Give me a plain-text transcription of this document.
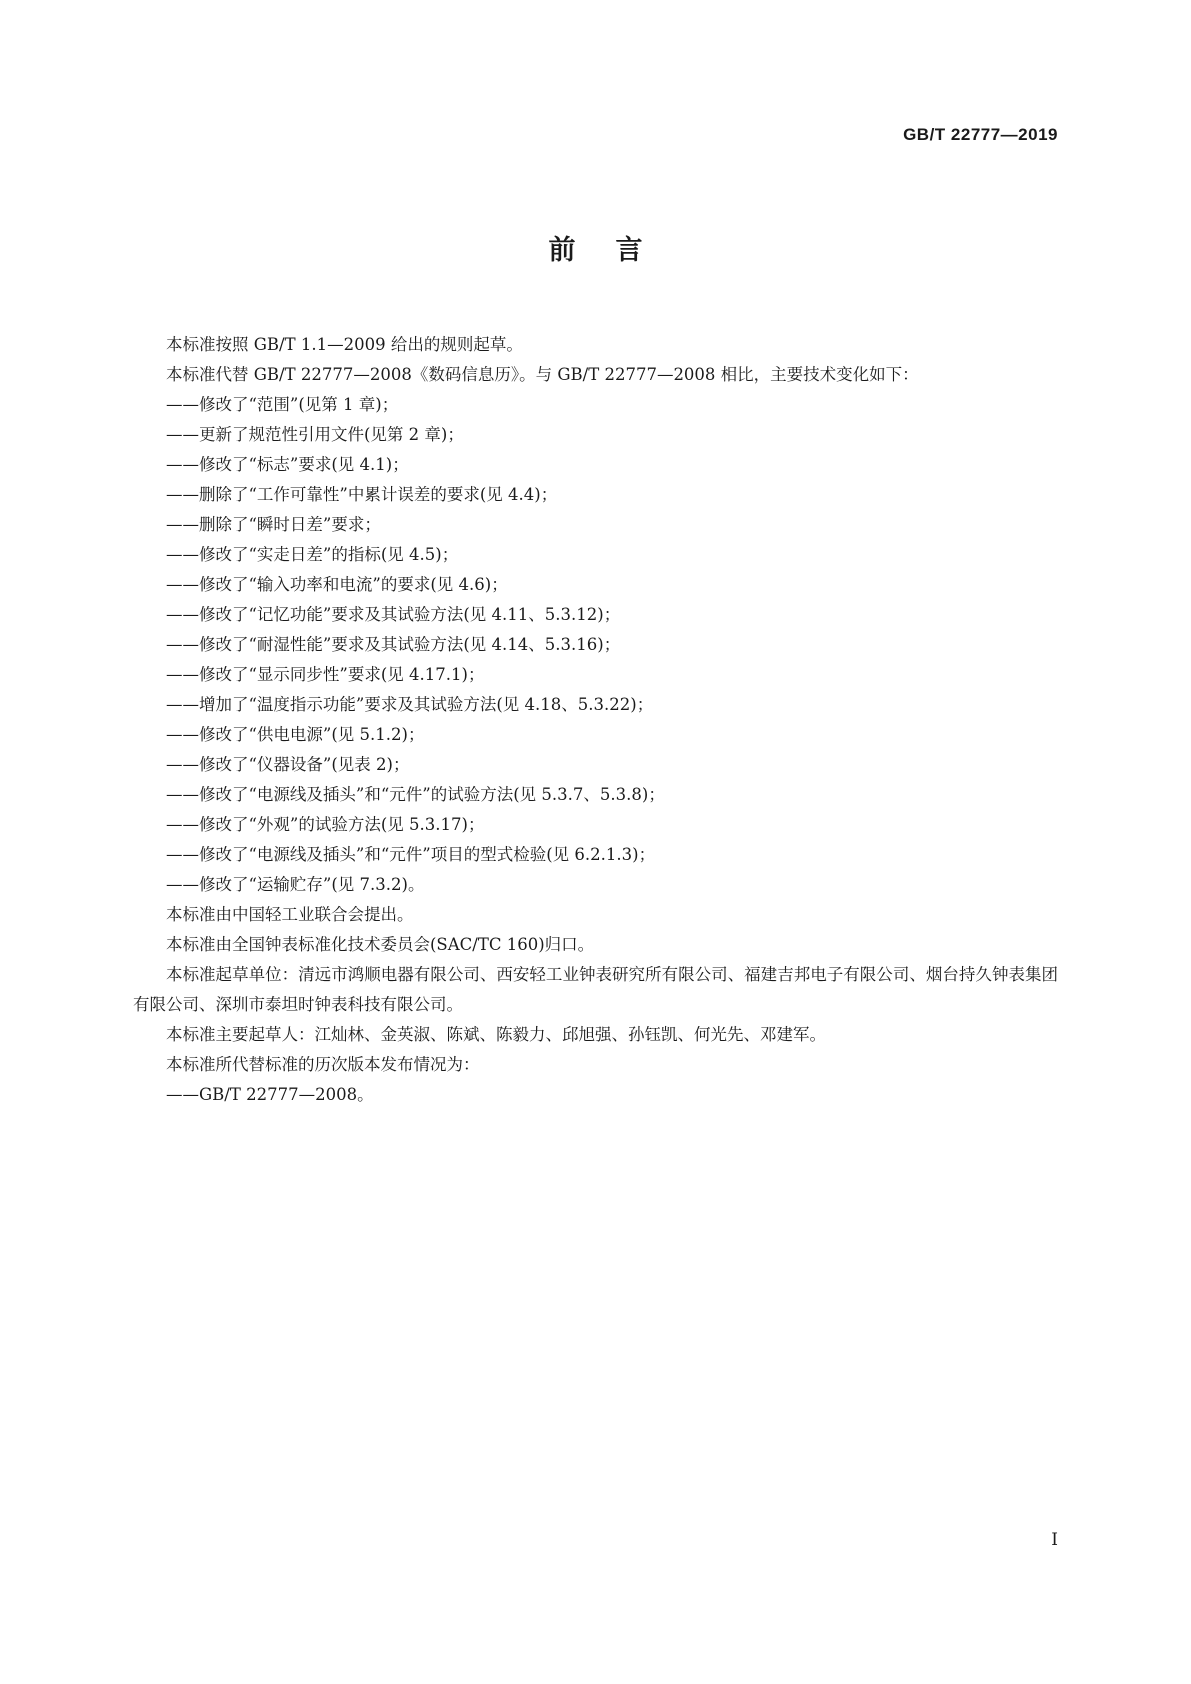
GB/T 22777—2019
前言

本标准按照 GB/T 1.1—2009 给出的规则起草。

本标准代替 GB/T 22777—2008《数码信息历》。与 GB/T 22777—2008 相比，主要技术变化如下：

——修改了“范围”(见第 1 章)；

——更新了规范性引用文件(见第 2 章)；

——修改了“标志”要求(见 4.1)；

——删除了“工作可靠性”中累计误差的要求(见 4.4)；

——删除了“瞬时日差”要求；

——修改了“实走日差”的指标(见 4.5)；

——修改了“输入功率和电流”的要求(见 4.6)；

——修改了“记忆功能”要求及其试验方法(见 4.11、5.3.12)；

——修改了“耐湿性能”要求及其试验方法(见 4.14、5.3.16)；

——修改了“显示同步性”要求(见 4.17.1)；

——增加了“温度指示功能”要求及其试验方法(见 4.18、5.3.22)；

——修改了“供电电源”(见 5.1.2)；

——修改了“仪器设备”(见表 2)；

——修改了“电源线及插头”和“元件”的试验方法(见 5.3.7、5.3.8)；

——修改了“外观”的试验方法(见 5.3.17)；

——修改了“电源线及插头”和“元件”项目的型式检验(见 6.2.1.3)；

——修改了“运输贮存”(见 7.3.2)。

本标准由中国轻工业联合会提出。

本标准由全国钟表标准化技术委员会(SAC/TC 160)归口。

本标准起草单位：清远市鸿顺电器有限公司、西安轻工业钟表研究所有限公司、福建吉邦电子有限公司、烟台持久钟表集团有限公司、深圳市泰坦时钟表科技有限公司。

本标准主要起草人：江灿林、金英淑、陈斌、陈毅力、邱旭强、孙钰凯、何光先、邓建军。

本标准所代替标准的历次版本发布情况为：

——GB/T 22777—2008。

I
